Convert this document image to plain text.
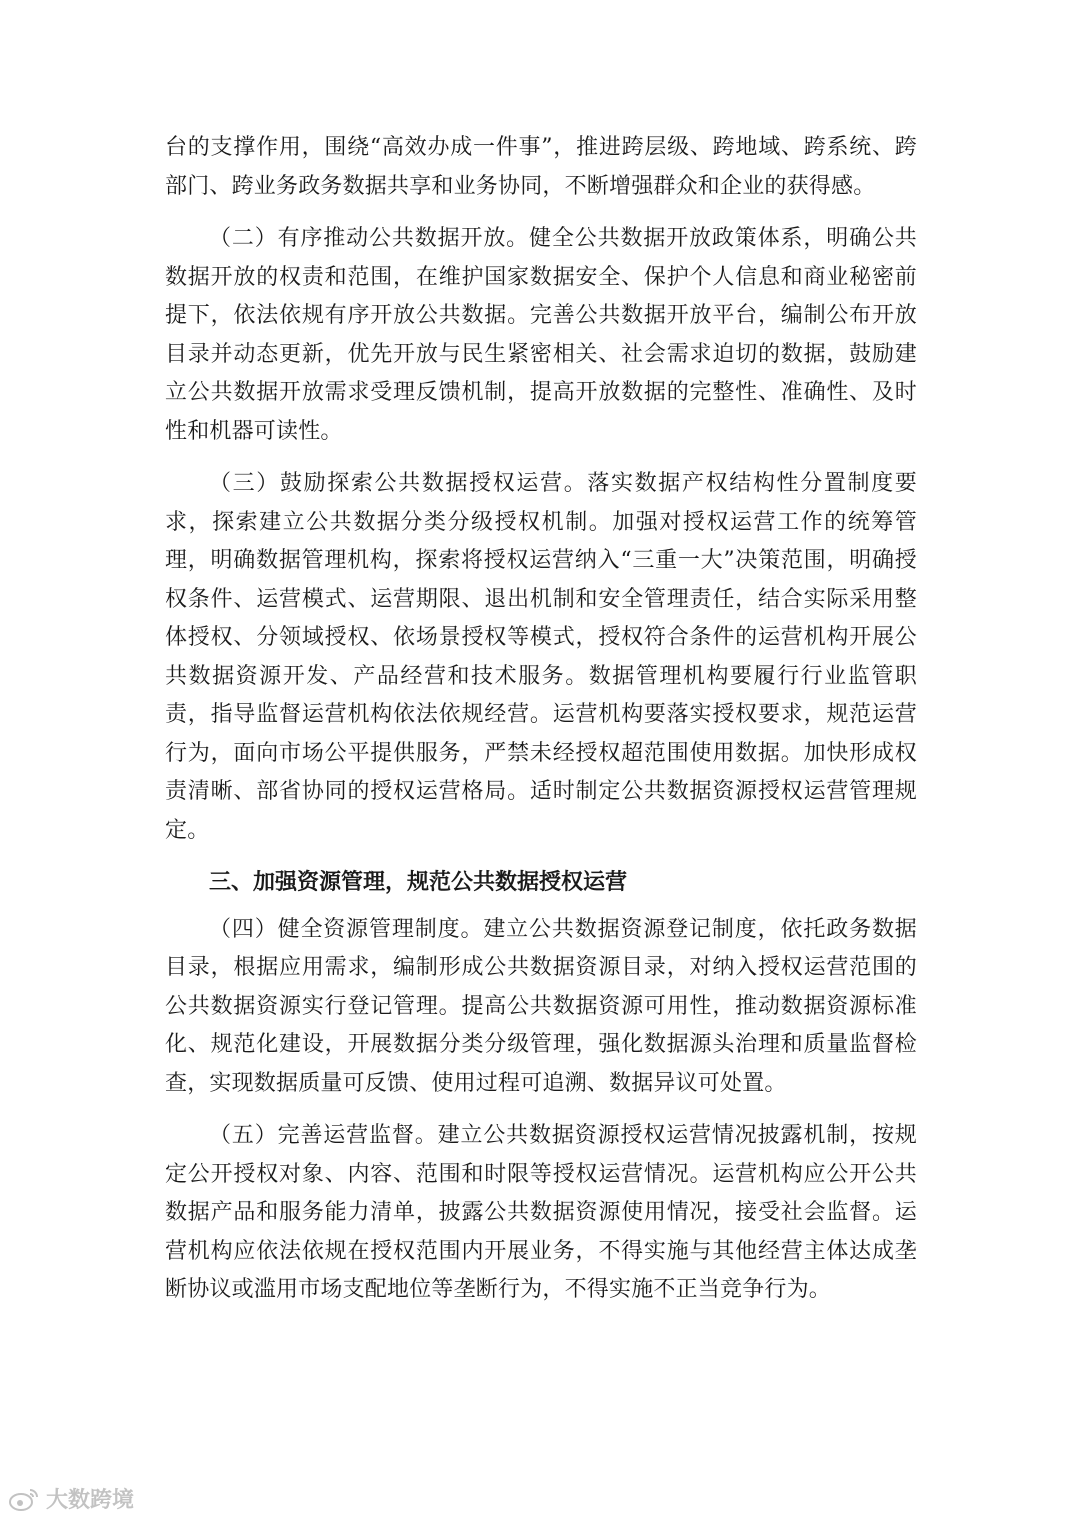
台的支撑作用，围绕“高效办成一件事”，推进跨层级、跨地域、跨系统、跨部门、跨业务政务数据共享和业务协同，不断增强群众和企业的获得感。

（二）有序推动公共数据开放。健全公共数据开放政策体系，明确公共数据开放的权责和范围，在维护国家数据安全、保护个人信息和商业秘密前提下，依法依规有序开放公共数据。完善公共数据开放平台，编制公布开放目录并动态更新，优先开放与民生紧密相关、社会需求迫切的数据，鼓励建立公共数据开放需求受理反馈机制，提高开放数据的完整性、准确性、及时性和机器可读性。

（三）鼓励探索公共数据授权运营。落实数据产权结构性分置制度要求，探索建立公共数据分类分级授权机制。加强对授权运营工作的统筹管理，明确数据管理机构，探索将授权运营纳入“三重一大”决策范围，明确授权条件、运营模式、运营期限、退出机制和安全管理责任，结合实际采用整体授权、分领域授权、依场景授权等模式，授权符合条件的运营机构开展公共数据资源开发、产品经营和技术服务。数据管理机构要履行行业监管职责，指导监督运营机构依法依规经营。运营机构要落实授权要求，规范运营行为，面向市场公平提供服务，严禁未经授权超范围使用数据。加快形成权责清晰、部省协同的授权运营格局。适时制定公共数据资源授权运营管理规定。

三、加强资源管理，规范公共数据授权运营

（四）健全资源管理制度。建立公共数据资源登记制度，依托政务数据目录，根据应用需求，编制形成公共数据资源目录，对纳入授权运营范围的公共数据资源实行登记管理。提高公共数据资源可用性，推动数据资源标准化、规范化建设，开展数据分类分级管理，强化数据源头治理和质量监督检查，实现数据质量可反馈、使用过程可追溯、数据异议可处置。

（五）完善运营监督。建立公共数据资源授权运营情况披露机制，按规定公开授权对象、内容、范围和时限等授权运营情况。运营机构应公开公共数据产品和服务能力清单，披露公共数据资源使用情况，接受社会监督。运营机构应依法依规在授权范围内开展业务，不得实施与其他经营主体达成垄断协议或滥用市场支配地位等垄断行为，不得实施不正当竞争行为。

大数跨境
